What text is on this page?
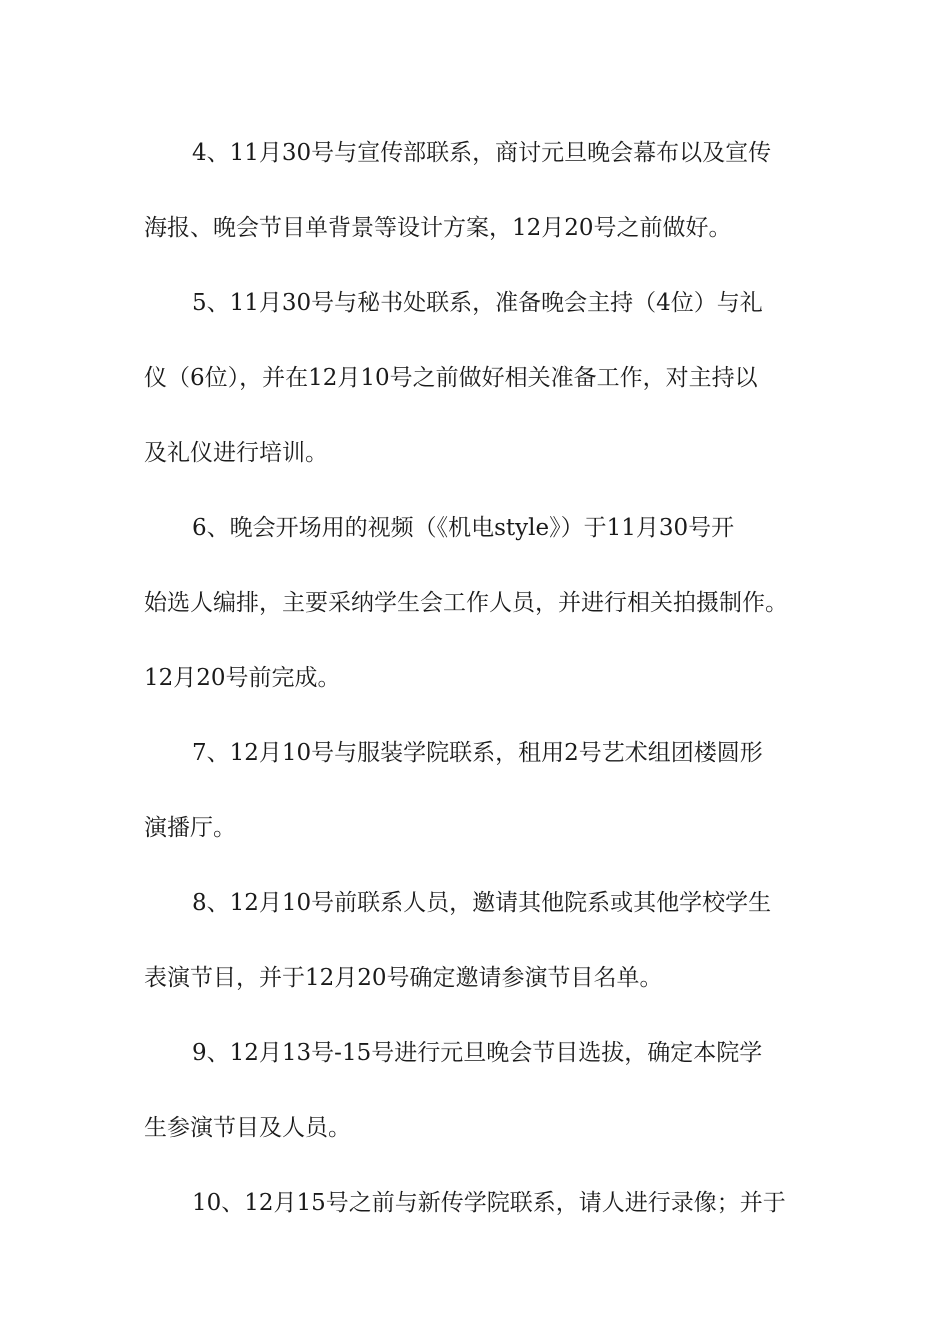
4、11月30号与宣传部联系，商讨元旦晚会幕布以及宣传
海报、晚会节目单背景等设计方案，12月20号之前做好。
5、11月30号与秘书处联系，准备晚会主持（4位）与礼
仪（6位），并在12月10号之前做好相关准备工作，对主持以
及礼仪进行培训。
6、晚会开场用的视频（《机电style》）于11月30号开
始选人编排，主要采纳学生会工作人员，并进行相关拍摄制作。
12月20号前完成。
7、12月10号与服装学院联系，租用2号艺术组团楼圆形
演播厅。
8、12月10号前联系人员，邀请其他院系或其他学校学生
表演节目，并于12月20号确定邀请参演节目名单。
9、12月13号-15号进行元旦晚会节目选拔，确定本院学
生参演节目及人员。
10、12月15号之前与新传学院联系，请人进行录像；并于
